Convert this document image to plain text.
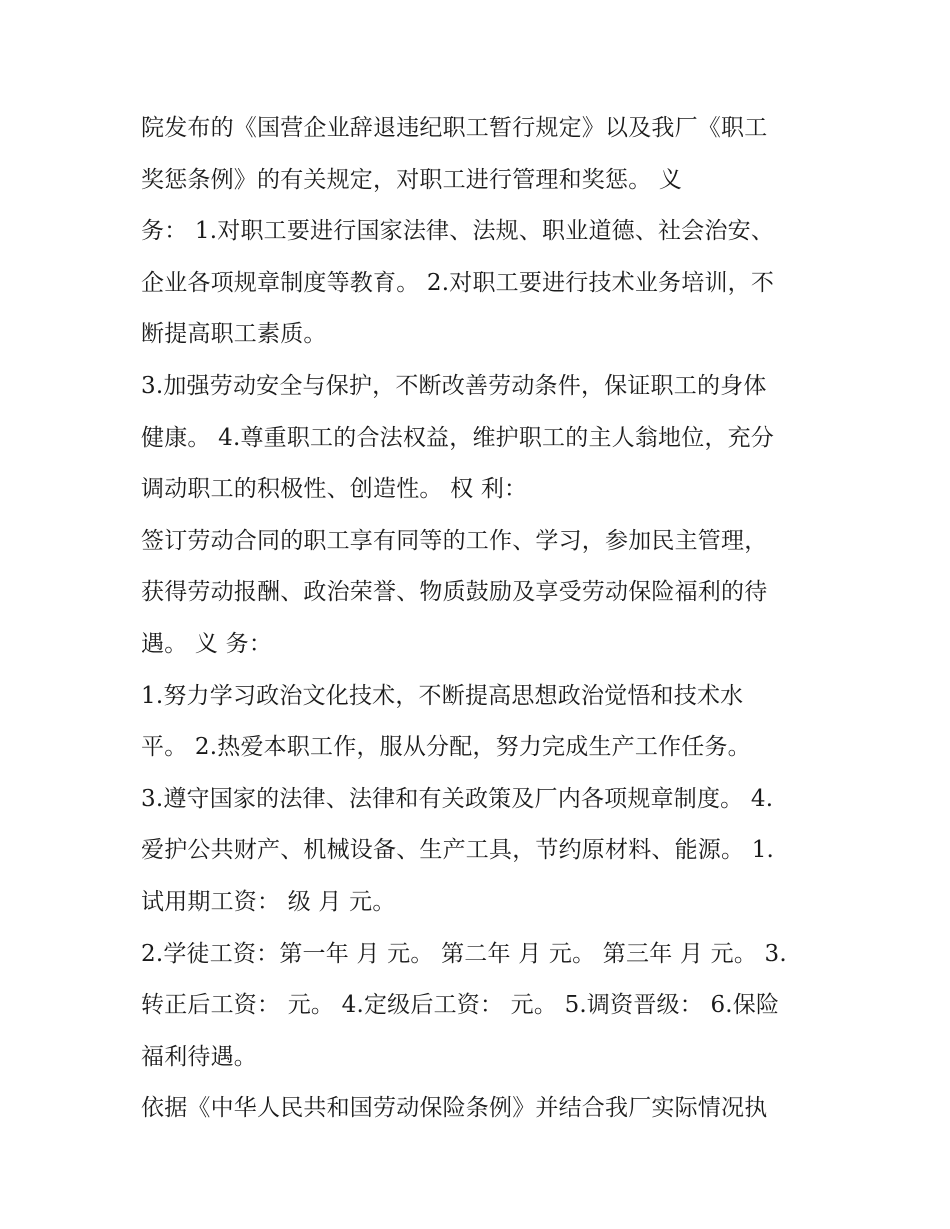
院发布的《国营企业辞退违纪职工暂行规定》以及我厂《职工
奖惩条例》的有关规定，对职工进行管理和奖惩。 义
务： 1.对职工要进行国家法律、法规、职业道德、社会治安、
企业各项规章制度等教育。 2.对职工要进行技术业务培训，不
断提高职工素质。
3.加强劳动安全与保护，不断改善劳动条件，保证职工的身体
健康。 4.尊重职工的合法权益，维护职工的主人翁地位，充分
调动职工的积极性、创造性。 权 利：
签订劳动合同的职工享有同等的工作、学习，参加民主管理，
获得劳动报酬、政治荣誉、物质鼓励及享受劳动保险福利的待
遇。 义 务：
1.努力学习政治文化技术，不断提高思想政治觉悟和技术水
平。 2.热爱本职工作，服从分配，努力完成生产工作任务。
3.遵守国家的法律、法律和有关政策及厂内各项规章制度。 4.
爱护公共财产、机械设备、生产工具，节约原材料、能源。 1.
试用期工资： 级 月 元。
2.学徒工资：第一年 月 元。 第二年 月 元。 第三年 月 元。 3.
转正后工资： 元。 4.定级后工资： 元。 5.调资晋级： 6.保险
福利待遇。
依据《中华人民共和国劳动保险条例》并结合我厂实际情况执
